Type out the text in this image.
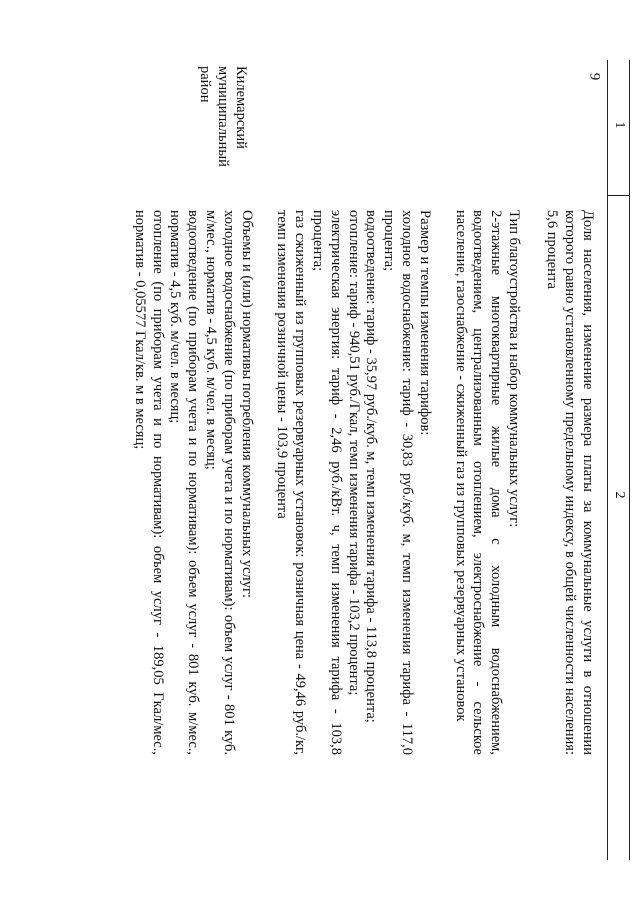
9
1
2
Килемарский муниципальный район

Доля населения, изменение размера платы за коммунальные услуги в отношении которого равно установленному предельному индексу, в общей численности населения: 5,6 процента

Тип благоустройства и набор коммунальных услуг:

2-этажные многоквартирные жилые дома с холодным водоснабжением, водоотведением, централизованным отоплением, электроснабжение - сельское население, газоснабжение - сжиженный газ из групповых резервуарных установок

Размер и темпы изменения тарифов:

холодное водоснабжение: тариф - 30,83 руб./куб. м, темп изменения тарифа - 117,0 процента;

водоотведение: тариф - 35,97 руб./куб. м, темп изменения тарифа - 113,8 процента;

отопление: тариф - 940,51 руб./Гкал, темп изменения тарифа - 103,2 процента;

электрическая энергия: тариф - 2,46 руб./кВт. ч, темп изменения тарифа - 103,8 процента;

газ сжиженный из групповых резервуарных установок: розничная цена - 49,46 руб./кг, темп изменения розничной цены - 103,9 процента

Объемы и (или) нормативы потребления коммунальных услуг:

холодное водоснабжение (по приборам учета и по нормативам): объем услуг - 801 куб. м/мес., норматив - 4,5 куб. м/чел. в месяц;

водоотведение (по приборам учета и по нормативам): объем услуг - 801 куб. м/мес., норматив - 4,5 куб. м/чел. в месяц;

отопление (по приборам учета и по нормативам): объем услуг - 189,05 Гкал/мес., норматив - 0,05577 Гкал/кв. м в месяц;
